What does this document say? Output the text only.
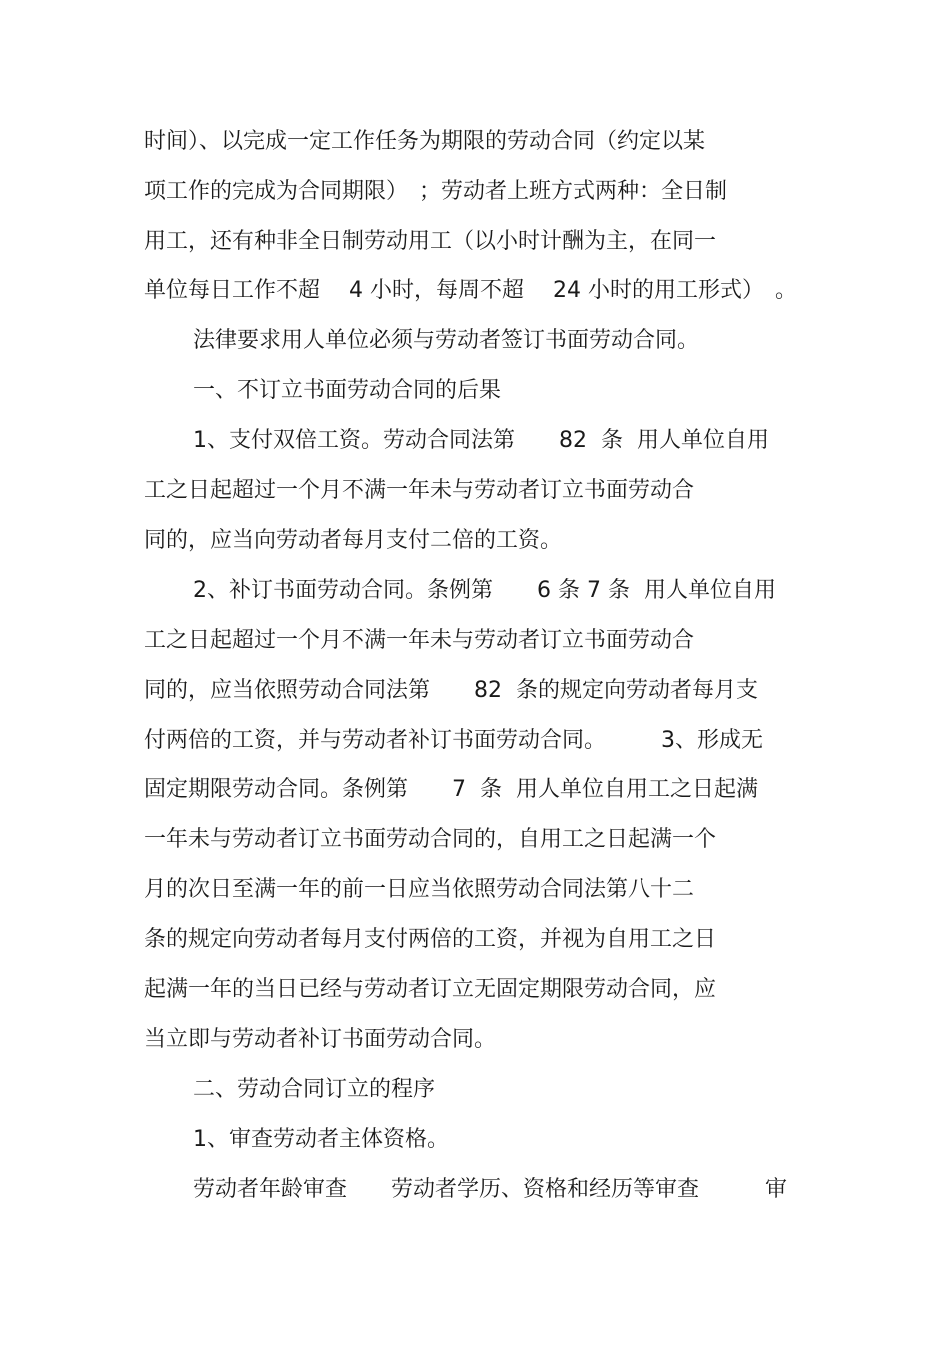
时间）、以完成一定工作任务为期限的劳动合同（约定以某
项工作的完成为合同期限）　；劳动者上班方式两种：全日制
用工，还有种非全日制劳动用工（以小时计酬为主，在同一
单位每日工作不超　 4 小时，每周不超　 24 小时的用工形式）　。
法律要求用人单位必须与劳动者签订书面劳动合同。
一、不订立书面劳动合同的后果
1、支付双倍工资。劳动合同法第　　82  条  用人单位自用
工之日起超过一个月不满一年未与劳动者订立书面劳动合
同的，应当向劳动者每月支付二倍的工资。
2、补订书面劳动合同。条例第　　6 条 7 条  用人单位自用
工之日起超过一个月不满一年未与劳动者订立书面劳动合
同的，应当依照劳动合同法第　　82  条的规定向劳动者每月支
付两倍的工资，并与劳动者补订书面劳动合同。　　　3、形成无
固定期限劳动合同。条例第　　7  条  用人单位自用工之日起满
一年未与劳动者订立书面劳动合同的，自用工之日起满一个
月的次日至满一年的前一日应当依照劳动合同法第八十二
条的规定向劳动者每月支付两倍的工资，并视为自用工之日
起满一年的当日已经与劳动者订立无固定期限劳动合同，应
当立即与劳动者补订书面劳动合同。
二、劳动合同订立的程序
1、审查劳动者主体资格。
劳动者年龄审查　　劳动者学历、资格和经历等审查　　　审
